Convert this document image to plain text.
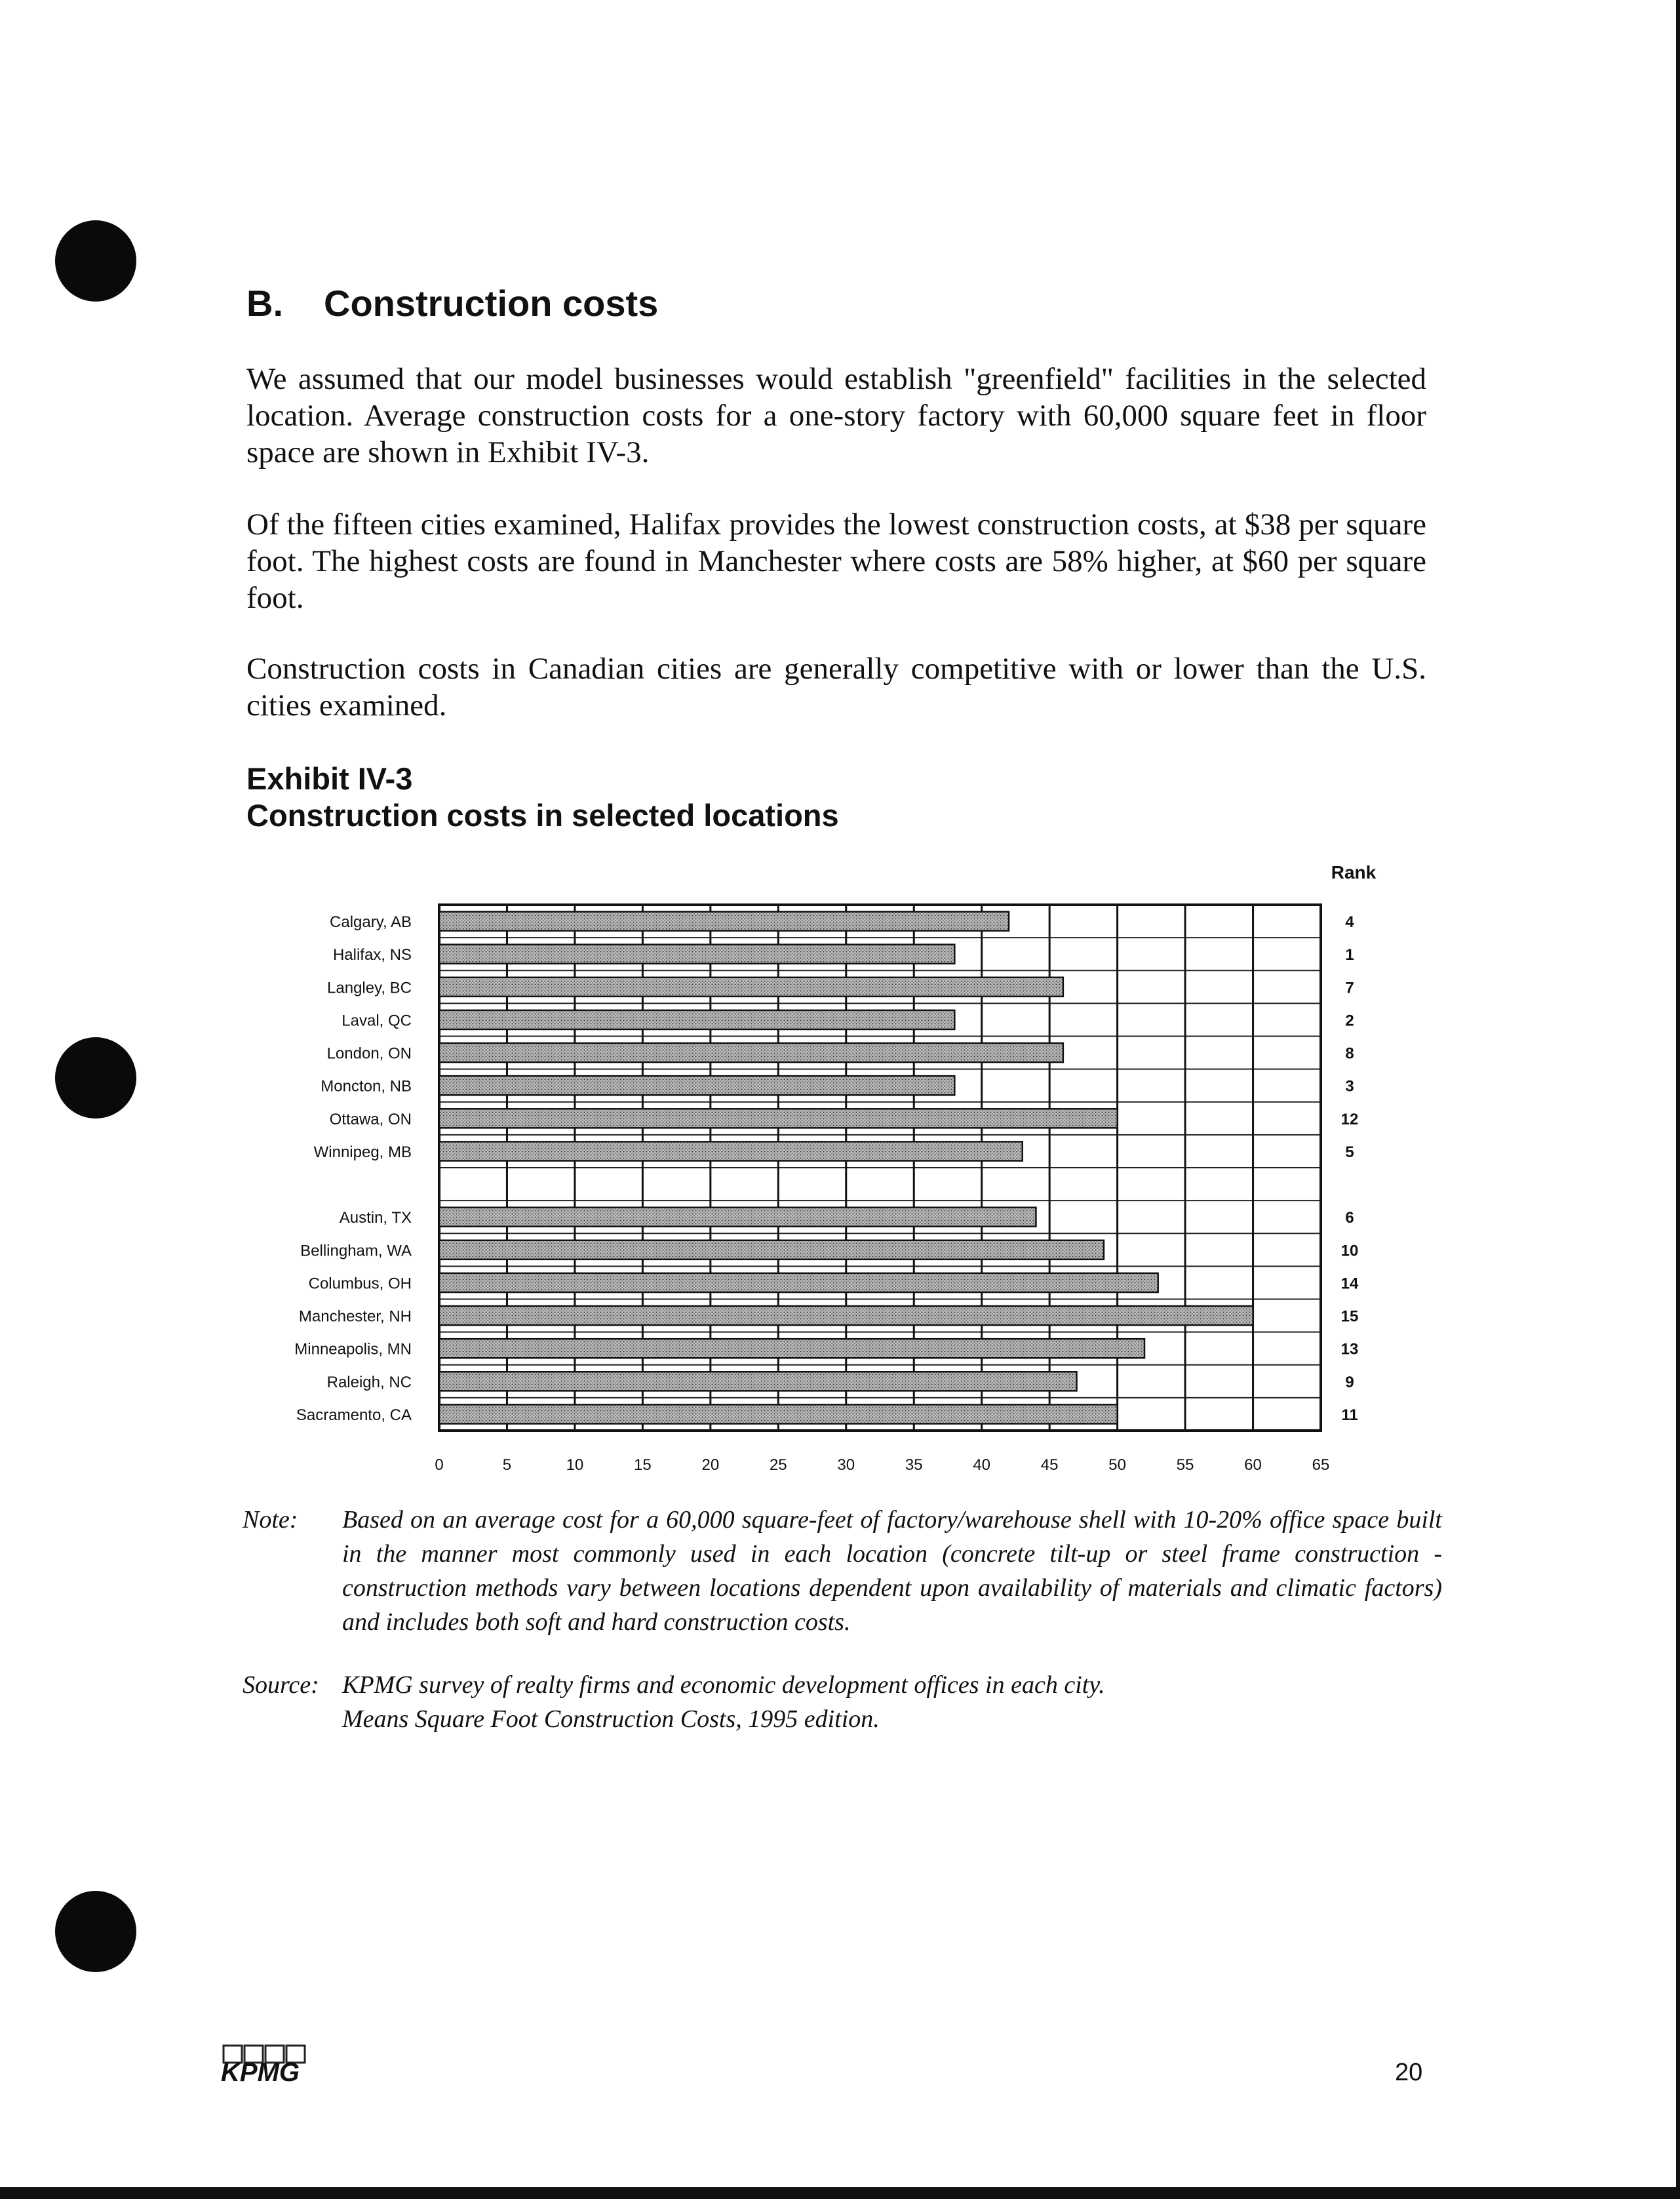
B. Construction costs

We assumed that our model businesses would establish "greenfield" facilities in the selected location. Average construction costs for a one-story factory with 60,000 square feet in floor space are shown in Exhibit IV-3.

Of the fifteen cities examined, Halifax provides the lowest construction costs, at $38 per square foot. The highest costs are found in Manchester where costs are 58% higher, at $60 per square foot.

Construction costs in Canadian cities are generally competitive with or lower than the U.S. cities examined.

Exhibit IV-3
Construction costs in selected locations
0	5	10	15	20	25	30	35	40	45	50	55	60	65
Rank
Calgary, AB	4
Halifax, NS	1
Langley, BC	7
Laval, QC	2
London, ON	8
Moncton, NB	3
Ottawa, ON	12
Winnipeg, MB	5
Austin, TX	6
Bellingham, WA	10
Columbus, OH	14
Manchester, NH	15
Minneapolis, MN	13
Raleigh, NC	9
Sacramento, CA	11
Note: Based on an average cost for a 60,000 square-feet of factory/warehouse shell with 10-20% office space built in the manner most commonly used in each location (concrete tilt-up or steel frame construction - construction methods vary between locations dependent upon availability of materials and climatic factors) and includes both soft and hard construction costs.
Source: KPMG survey of realty firms and economic development offices in each city.
Means Square Foot Construction Costs, 1995 edition.
KPMG	20
